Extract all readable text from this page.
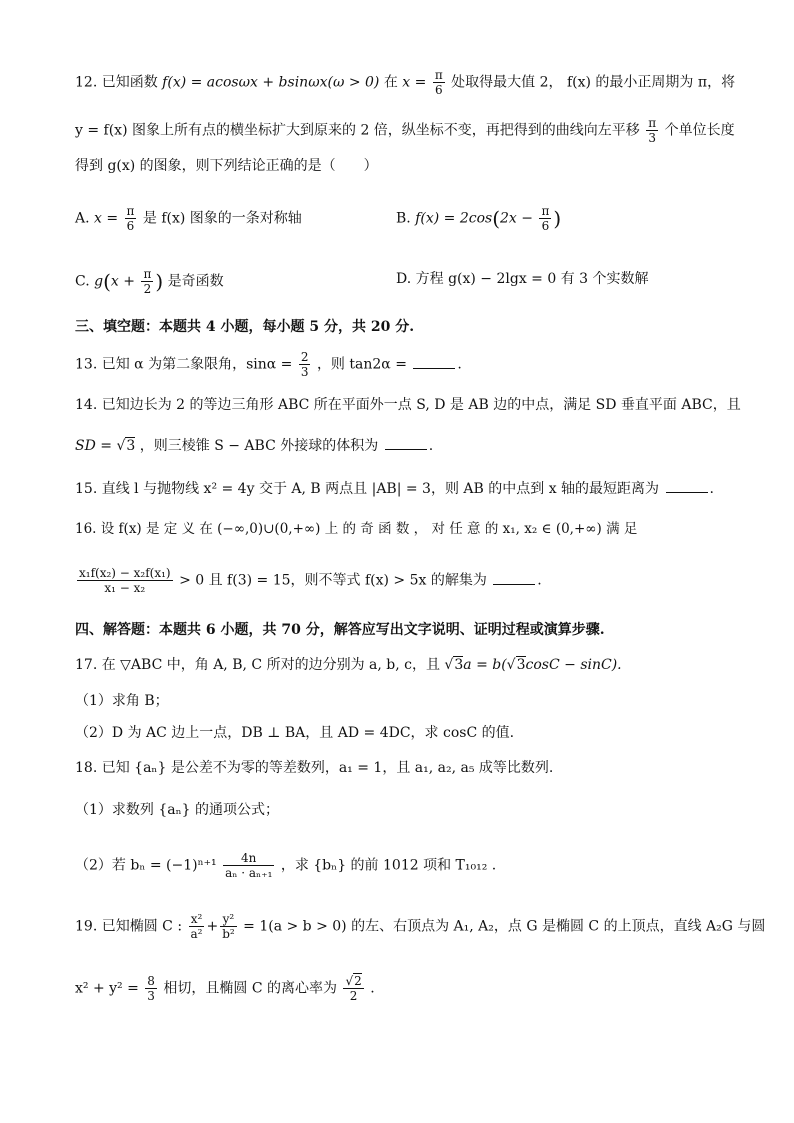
12. 已知函数 f(x) = acosωx + bsinωx(ω > 0) 在 $x = \frac{\pi}{6}$ 处取得最大值 2， f(x) 的最小正周期为 π，将
y = f(x) 图象上所有点的横坐标扩大到原来的 2 倍，纵坐标不变，再把得到的曲线向左平移 $\frac{\pi}{3}$ 个单位长度
得到 g(x) 的图象，则下列结论正确的是（　　）
A. $x = \frac{\pi}{6}$ 是 f(x) 图象的一条对称轴	B. $f(x) = 2\cos(2x - \frac{\pi}{6}$ )
C. $g(x + \frac{\pi}{2}$ ) 是奇函数	D. 方程 g(x) − 2lgx = 0 有 3 个实数解
三、填空题：本题共 4 小题，每小题 5 分，共 20 分.
13. 已知 α 为第二象限角，$\sin\alpha = \frac{2}{3}$ ，则 tan2α =	.
14. 已知边长为 2 的等边三角形 ABC 所在平面外一点 S, D 是 AB 边的中点，满足 SD 垂直平面 ABC，且
SD = √3 ，则三棱锥 S − ABC 外接球的体积为	.
15. 直线 l 与抛物线 x² = 4y 交于 A, B 两点且 |AB| = 3，则 AB 的中点到 x 轴的最短距离为	.
16. 设 f(x) 是 定 义 在 (−∞,0)∪(0,+∞) 上 的 奇 函 数 ， 对 任 意 的 x₁, x₂ ∈ (0,+∞) 满 足
$\frac{\text{x₁f(x₂) − x₂f(x₁)}}{\text{x₁ − x₂}} > 0$ 且 f(3) = 15，则不等式 f(x) > 5x 的解集为	.
四、解答题：本题共 6 小题，共 70 分，解答应写出文字说明、证明过程或演算步骤.
17. 在 ▽ABC 中，角 A, B, C 所对的边分别为 a, b, c，且 √3a = b(√3cosC − sinC).
（1）求角 B；
（2）D 为 AC 边上一点，DB ⊥ BA，且 AD = 4DC，求 cosC 的值.
18. 已知 {aₙ} 是公差不为零的等差数列，a₁ = 1，且 a₁, a₂, a₅ 成等比数列.
（1）求数列 {aₙ} 的通项公式；
（2）若 $b_n = (-1)^{n+1} \frac{4n}{\text{aₙ · aₙ₊₁}}$ ，求 {bₙ} 的前 1012 项和 T₁₀₁₂ .
19. 已知椭圆 C : $\frac{\text{x²}}{\text{a²}} + \frac{\text{y²}}{\text{b²}} = 1(a > b > 0)$ 的左、右顶点为 A₁, A₂，点 G 是椭圆 C 的上顶点，直线 A₂G 与圆
$x^2 + y^2 = \frac{8}{3}$ 相切，且椭圆 C 的离心率为 $\frac{√2}{2}$ .
